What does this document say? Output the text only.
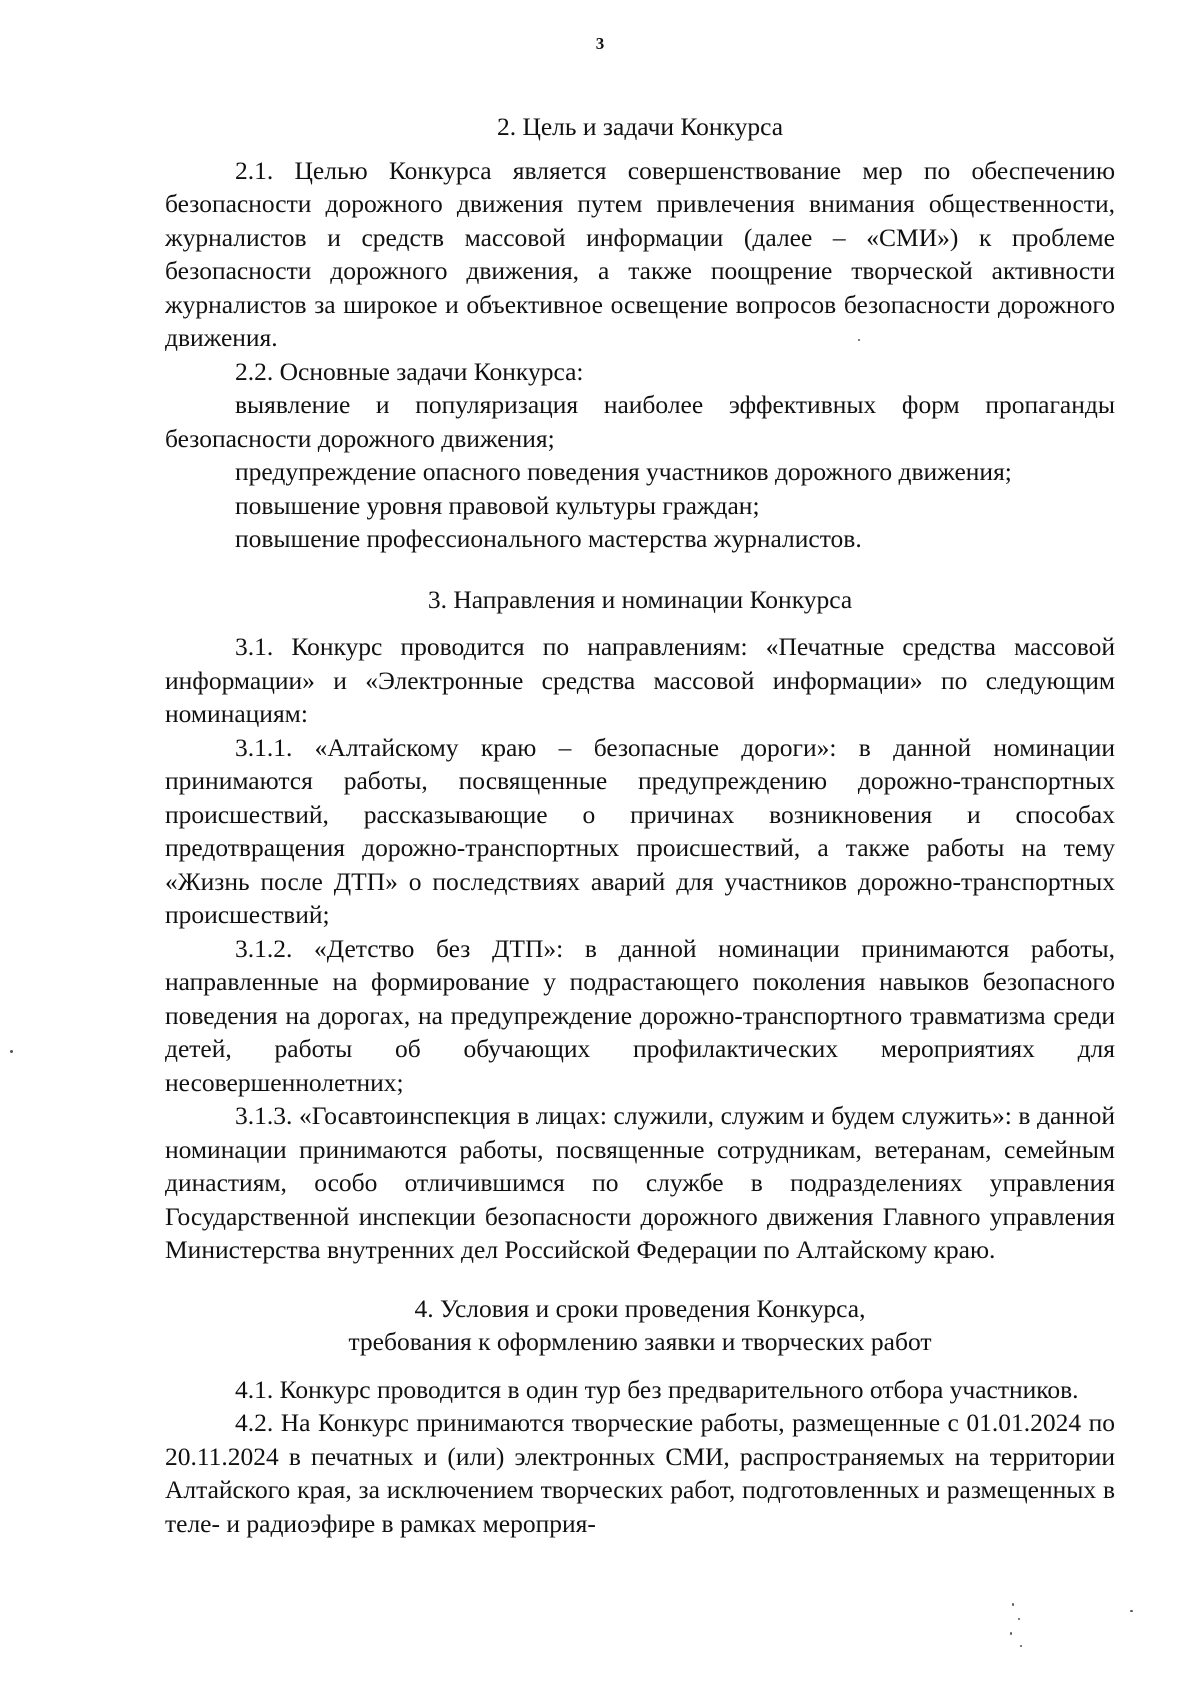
3

2. Цель и задачи Конкурса

2.1. Целью Конкурса является совершенствование мер по обеспечению безопасности дорожного движения путем привлечения внимания общественности, журналистов и средств массовой информации (далее – «СМИ») к проблеме безопасности дорожного движения, а также поощрение творческой активности журналистов за широкое и объективное освещение вопросов безопасности дорожного движения.

2.2. Основные задачи Конкурса:

выявление и популяризация наиболее эффективных форм пропаганды безопасности дорожного движения;

предупреждение опасного поведения участников дорожного движения;

повышение уровня правовой культуры граждан;

повышение профессионального мастерства журналистов.

3. Направления и номинации Конкурса

3.1. Конкурс проводится по направлениям: «Печатные средства массовой информации» и «Электронные средства массовой информации» по следующим номинациям:

3.1.1. «Алтайскому краю – безопасные дороги»: в данной номинации принимаются работы, посвященные предупреждению дорожно-транспортных происшествий, рассказывающие о причинах возникновения и способах предотвращения дорожно-транспортных происшествий, а также работы на тему «Жизнь после ДТП» о последствиях аварий для участников дорожно-транспортных происшествий;

3.1.2. «Детство без ДТП»: в данной номинации принимаются работы, направленные на формирование у подрастающего поколения навыков безопасного поведения на дорогах, на предупреждение дорожно-транспортного травматизма среди детей, работы об обучающих профилактических мероприятиях для несовершеннолетних;

3.1.3. «Госавтоинспекция в лицах: служили, служим и будем служить»: в данной номинации принимаются работы, посвященные сотрудникам, ветеранам, семейным династиям, особо отличившимся по службе в подразделениях управления Государственной инспекции безопасности дорожного движения Главного управления Министерства внутренних дел Российской Федерации по Алтайскому краю.

4. Условия и сроки проведения Конкурса,
требования к оформлению заявки и творческих работ

4.1. Конкурс проводится в один тур без предварительного отбора участников.

4.2. На Конкурс принимаются творческие работы, размещенные с 01.01.2024 по 20.11.2024 в печатных и (или) электронных СМИ, распространяемых на территории Алтайского края, за исключением творческих работ, подготовленных и размещенных в теле- и радиоэфире в рамках мероприя-
